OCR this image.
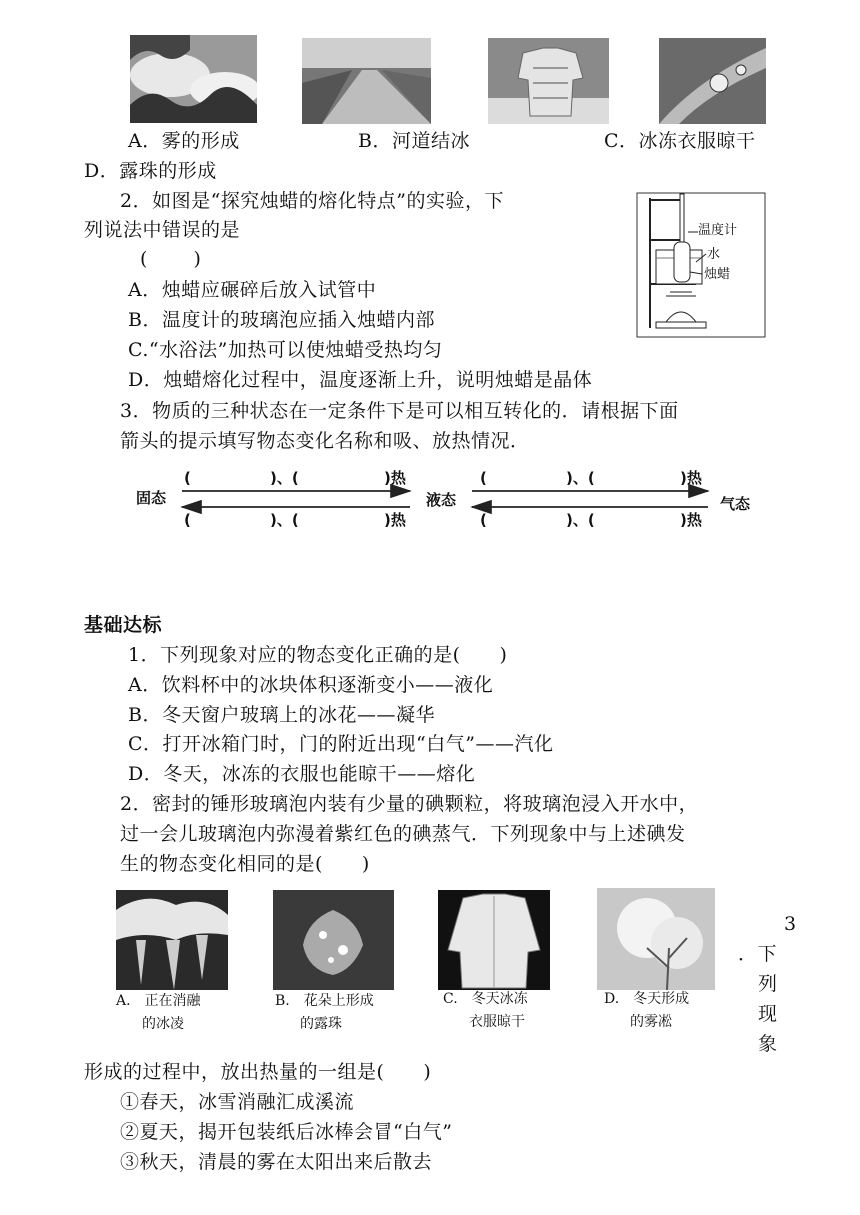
A．雾的形成	B．河道结冰	C．冰冻衣服晾干
D．露珠的形成
2．如图是“探究烛蜡的熔化特点”的实验，下
列说法中错误的是
(　　 )
A．烛蜡应碾碎后放入试管中
B．温度计的玻璃泡应插入烛蜡内部
C.“水浴法”加热可以使烛蜡受热均匀
D．烛蜡熔化过程中，温度逐渐上升，说明烛蜡是晶体
温度计
水
烛蜡
3．物质的三种状态在一定条件下是可以相互转化的．请根据下面
箭头的提示填写物态变化名称和吸、放热情况．
固态	液态	气态
(	)、(	)热
(	)、(	)热
(	)、(	)热
(	)、(	)热
基础达标
1．下列现象对应的物态变化正确的是(　　)
A．饮料杯中的冰块体积逐渐变小——液化
B．冬天窗户玻璃上的冰花——凝华
C．打开冰箱门时，门的附近出现“白气”——汽化
D．冬天，冰冻的衣服也能晾干——熔化
2．密封的锤形玻璃泡内装有少量的碘颗粒，将玻璃泡浸入开水中，
过一会儿玻璃泡内弥漫着紫红色的碘蒸气．下列现象中与上述碘发
生的物态变化相同的是(　　)
A.　正在消融
的冰凌
B.　花朵上形成
的露珠
C.　冬天冰冻
衣服晾干
D.　冬天形成
的雾凇
3
．下
列
现
象
形成的过程中，放出热量的一组是(　　)
①春天，冰雪消融汇成溪流
②夏天，揭开包装纸后冰棒会冒“白气”
③秋天，清晨的雾在太阳出来后散去
